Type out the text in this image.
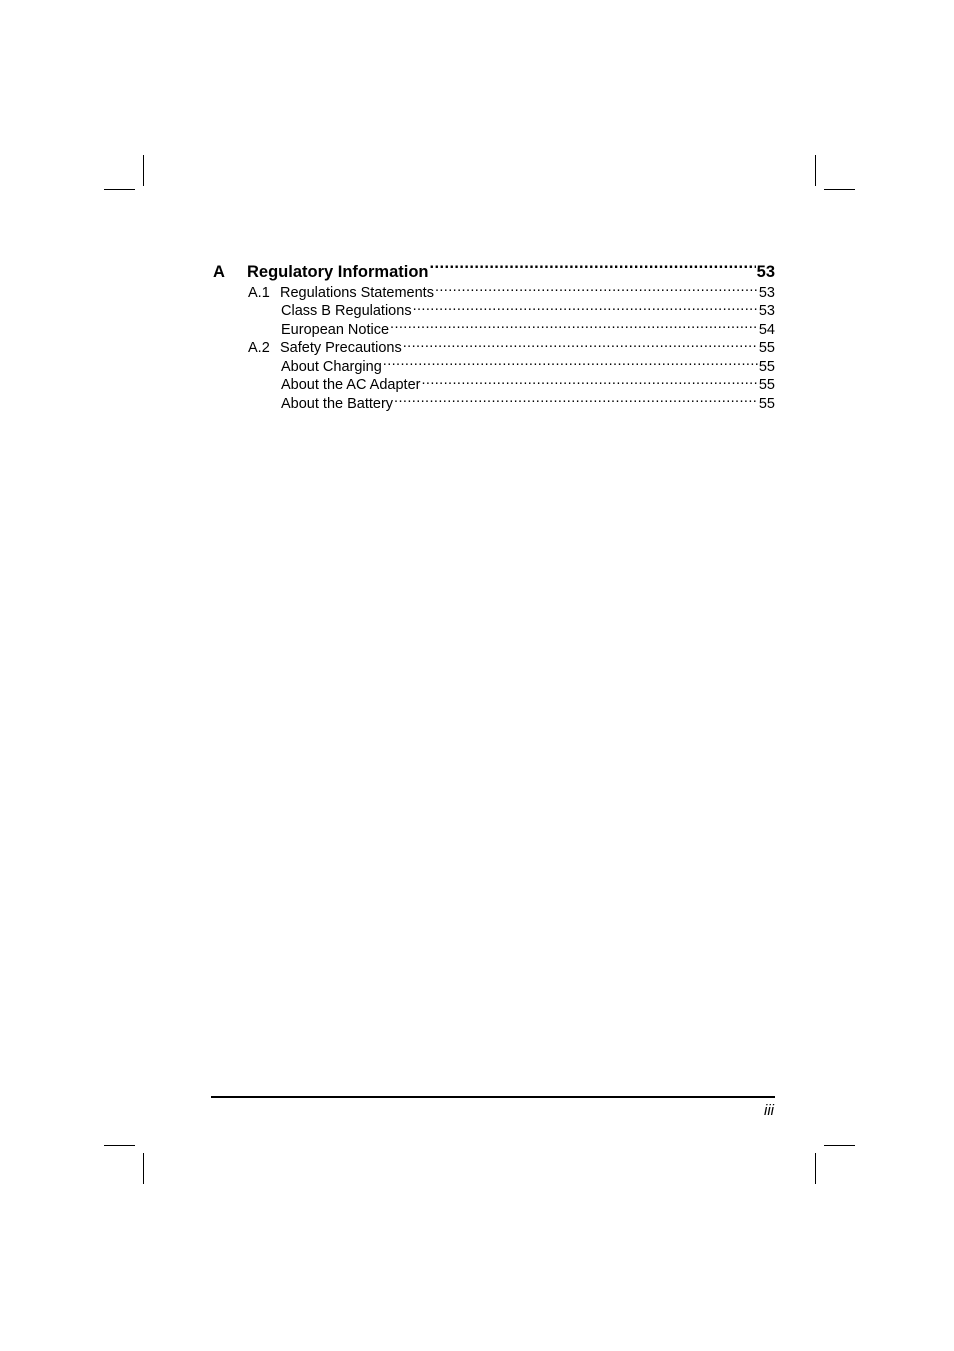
A	Regulatory Information .....	53
A.1 Regulations Statements .....	53
Class B Regulations .....	53
European Notice .....	54
A.2 Safety Precautions .....	55
About Charging .....	55
About the AC Adapter .....	55
About the Battery .....	55
iii
